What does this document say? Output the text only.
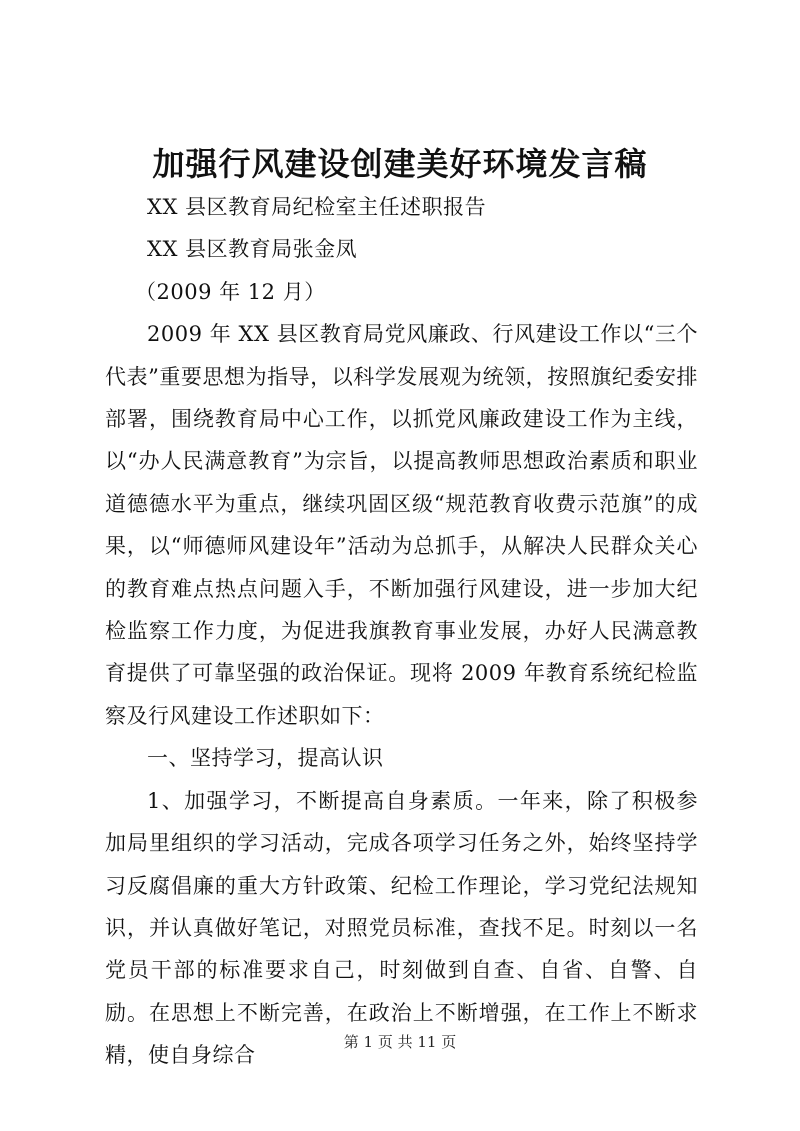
加强行风建设创建美好环境发言稿

XX 县区教育局纪检室主任述职报告

XX 县区教育局张金凤

（2009 年 12 月）

2009 年 XX 县区教育局党风廉政、行风建设工作以“三个代表”重要思想为指导，以科学发展观为统领，按照旗纪委安排部署，围绕教育局中心工作，以抓党风廉政建设工作为主线，以“办人民满意教育”为宗旨，以提高教师思想政治素质和职业道德德水平为重点，继续巩固区级“规范教育收费示范旗”的成果，以“师德师风建设年”活动为总抓手，从解决人民群众关心的教育难点热点问题入手，不断加强行风建设，进一步加大纪检监察工作力度，为促进我旗教育事业发展，办好人民满意教育提供了可靠坚强的政治保证。现将 2009 年教育系统纪检监察及行风建设工作述职如下：

一、坚持学习，提高认识

1、加强学习，不断提高自身素质。一年来，除了积极参加局里组织的学习活动，完成各项学习任务之外，始终坚持学习反腐倡廉的重大方针政策、纪检工作理论，学习党纪法规知识，并认真做好笔记，对照党员标准，查找不足。时刻以一名党员干部的标准要求自己，时刻做到自查、自省、自警、自励。在思想上不断完善，在政治上不断增强，在工作上不断求精，使自身综合

第 1 页 共 11 页
